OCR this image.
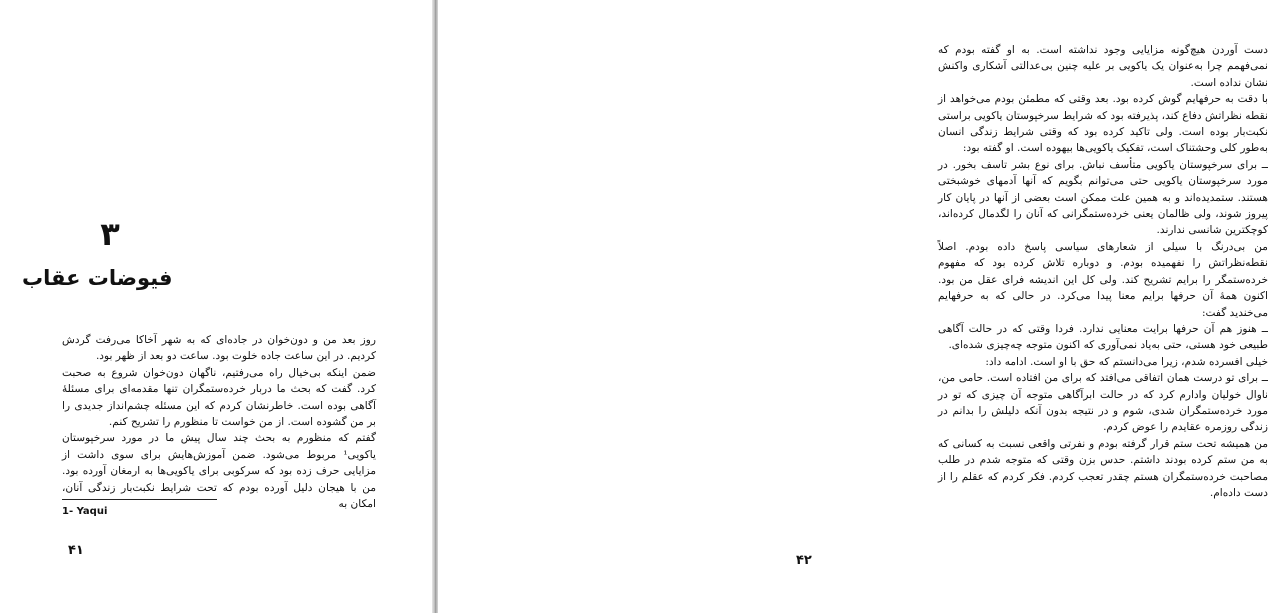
۳
فیوضات عقاب

روز بعد من و دون‌خوان در جاده‌ای که به شهر آخاکا می‌رفت گردش کردیم. در این ساعت جاده خلوت بود. ساعت دو بعد از ظهر بود.

ضمن اینکه بی‌خیال راه می‌رفتیم، ناگهان دون‌خوان شروع به صحبت کرد. گفت که بحث ما دربار خرده‌ستمگران تنها مقدمه‌ای برای مسئلهٔ آگاهی بوده است. خاطرنشان کردم که این مسئله چشم‌انداز جدیدی را بر من گشوده است. از من خواست تا منظورم را تشریح کنم.

گفتم که منظورم به بحث چند سال پیش ما در مورد سرخپوستان یاکویی¹ مربوط می‌شود. ضمن آموزش‌هایش برای سوی داشت از مزایایی حرف زده بود که سرکوبی برای یاکویی‌ها به ارمغان آورده بود. من با هیجان دلیل آورده بودم که تحت شرایط نکبت‌بار زندگی آنان، امکان به

1- Yaqui
۴۱

دست آوردن هیچ‌گونه مزایایی وجود نداشته است. به او گفته بودم که نمی‌فهمم چرا به‌عنوان یک یاکویی بر علیه چنین بی‌عدالتی آشکاری واکنش نشان نداده است.

با دقت به حرفهایم گوش کرده بود. بعد وقتی که مطمئن بودم می‌خواهد از نقطه نظراتش دفاع کند، پذیرفته بود که شرایط سرخپوستان یاکویی براستی نکبت‌بار بوده است. ولی تاکید کرده بود که وقتی شرایط زندگی انسان به‌طور کلی وحشتناک است، تفکیک یاکویی‌ها بیهوده است. او گفته بود:

ــ برای سرخپوستان یاکویی متأسف نباش. برای نوع بشر تاسف بخور. در مورد سرخپوستان یاکویی حتی می‌توانم بگویم که آنها آدمهای خوشبختی هستند. ستمدیده‌اند و به همین علت ممکن است بعضی از آنها در پایان کار پیروز شوند، ولی ظالمان یعنی خرده‌ستمگرانی که آنان را لگدمال کرده‌اند، کوچکترین شانسی ندارند.

من بی‌درنگ با سیلی از شعارهای سیاسی پاسخ داده بودم. اصلاً نقطه‌نظراتش را نفهمیده بودم. و دوباره تلاش کرده بود که مفهوم خرده‌ستمگر را برایم تشریح کند. ولی کل این اندیشه فرای عقل من بود. اکنون همهٔ آن حرفها برایم معنا پیدا می‌کرد. در حالی که به حرفهایم می‌خندید گفت:

ــ هنوز هم آن حرفها برایت معنایی ندارد. فردا وقتی که در حالت آگاهی طبیعی خود هستی، حتی به‌یاد نمی‌آوری که اکنون متوجه چه‌چیزی شده‌ای.

خیلی افسرده شدم، زیرا می‌دانستم که حق با او است. ادامه داد:

ــ برای تو درست همان اتفاقی می‌افتد که برای من افتاده است. حامی من، ناوال خولیان وادارم کرد که در حالت ابرآگاهی متوجه آن چیزی که تو در مورد خرده‌ستمگران شدی، شوم و در نتیجه بدون آنکه دلیلش را بدانم در زندگی روزمره عقایدم را عوض کردم.

من همیشه تحت ستم قرار گرفته بودم و نفرتی واقعی نسبت به کسانی که به من ستم کرده بودند داشتم. حدس بزن وقتی که متوجه شدم در طلب مصاحبت خرده‌ستمگران هستم چقدر تعجب کردم. فکر کردم که عقلم را از دست داده‌ام.

۴۲
